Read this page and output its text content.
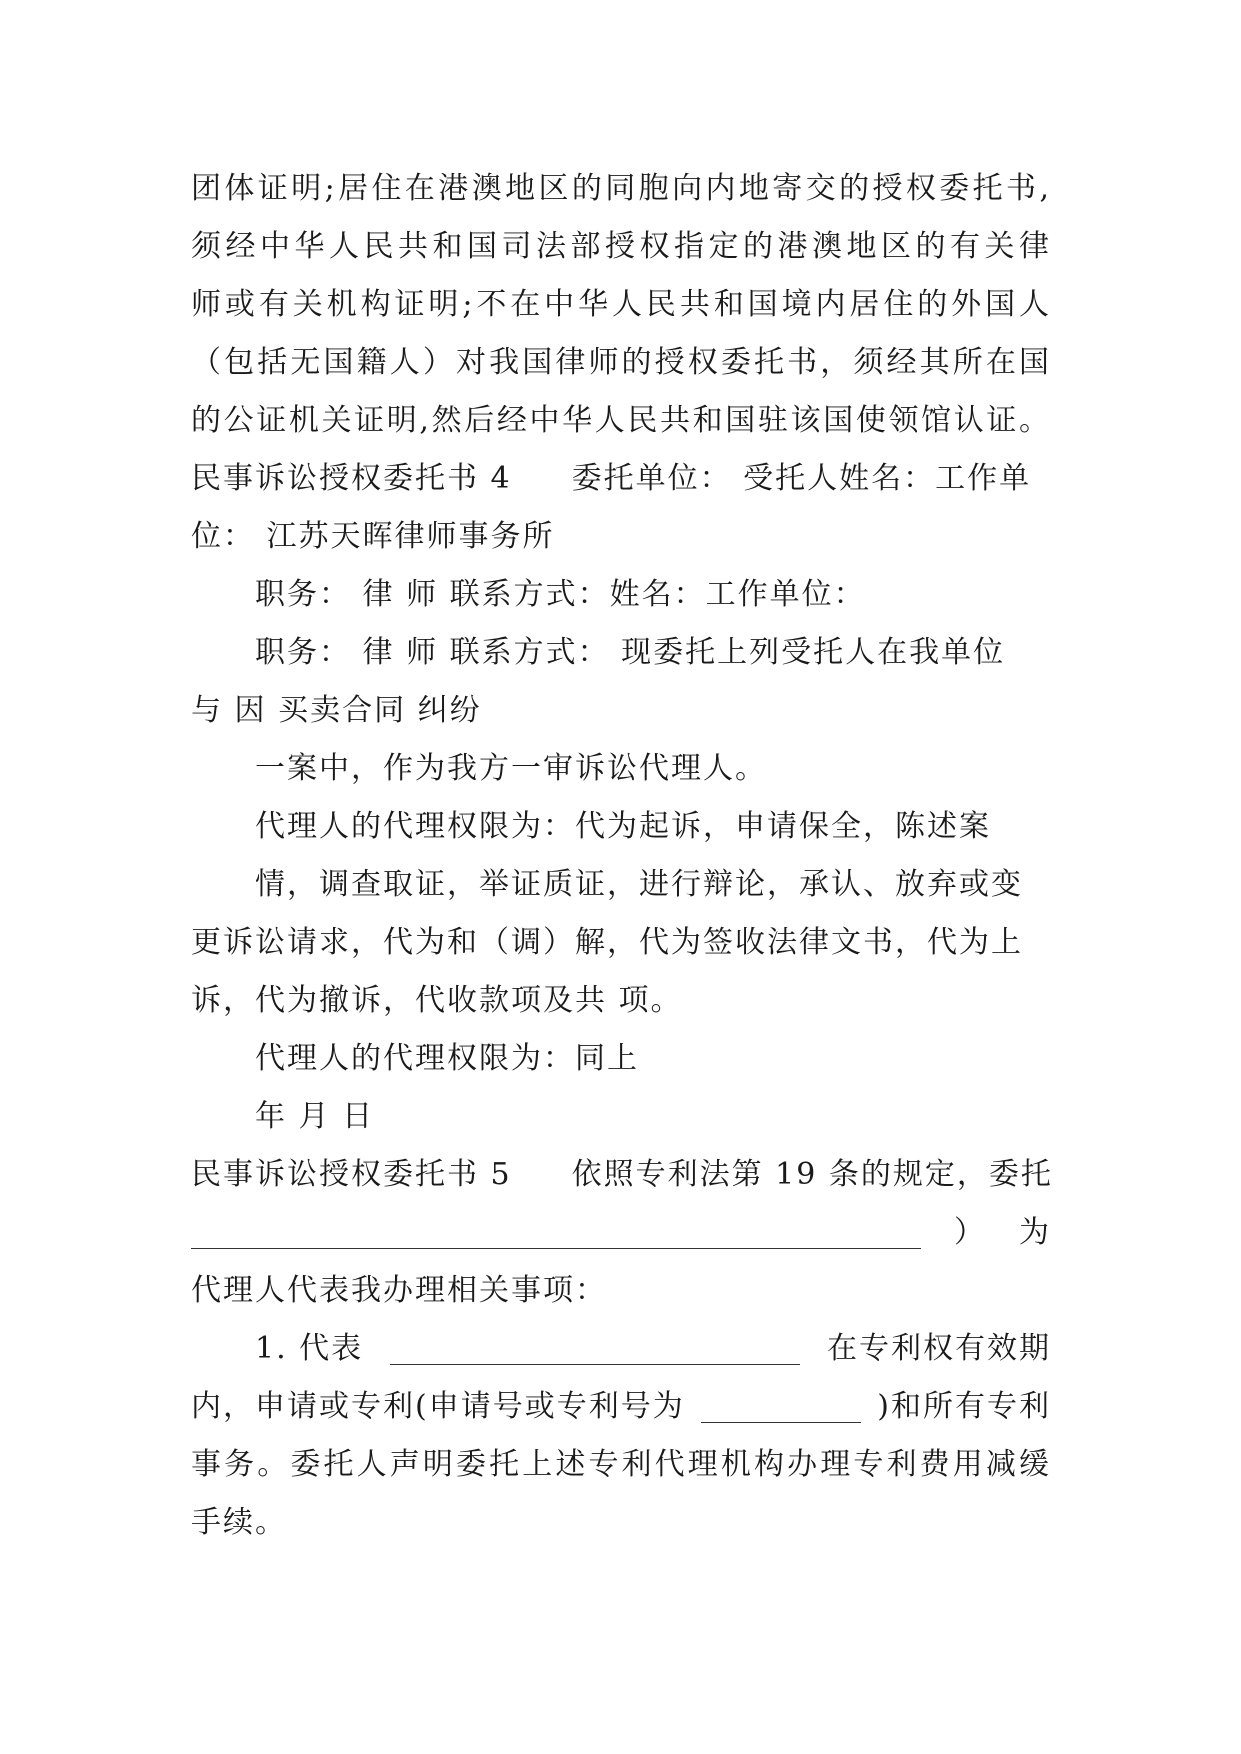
团体证明;居住在港澳地区的同胞向内地寄交的授权委托书,
须经中华人民共和国司法部授权指定的港澳地区的有关律
师或有关机构证明;不在中华人民共和国境内居住的外国人
（包括无国籍人）对我国律师的授权委托书，须经其所在国
的公证机关证明,然后经中华人民共和国驻该国使领馆认证。
民事诉讼授权委托书 4 委托单位： 受托人姓名：工作单
位： 江苏天晖律师事务所
职务： 律 师 联系方式：姓名：工作单位：
职务： 律 师 联系方式： 现委托上列受托人在我单位
与 因 买卖合同 纠纷
一案中，作为我方一审诉讼代理人。
代理人的代理权限为：代为起诉，申请保全，陈述案
情，调查取证，举证质证，进行辩论，承认、放弃或变
更诉讼请求，代为和（调）解，代为签收法律文书，代为上
诉，代为撤诉，代收款项及共 项。
代理人的代理权限为：同上
年 月 日
民事诉讼授权委托书 5 依照专利法第 19 条的规定，委托
） 为
代理人代表我办理相关事项：
1. 代表	在专利权有效期
内，申请或专利(申请号或专利号为	)和所有专利
事务。委托人声明委托上述专利代理机构办理专利费用减缓
手续。
